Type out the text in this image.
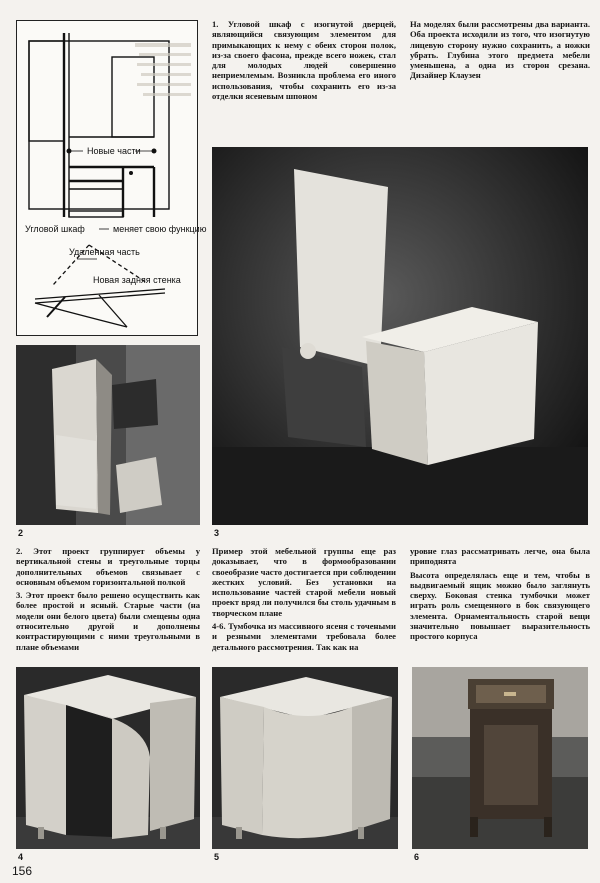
Новые части
Угловой шкаф	меняет свою функцию
Удаленная часть
Новая задняя стенка

1. Угловой шкаф с изогнутой дверцей, являющийся связующим элементом для примыкающих к нему с обеих сторон полок, из-за своего фасона, прежде всего ножек, стал для молодых людей совершенно неприемлемым. Возникла проблема его иного использования, чтобы сохранить его из-за отделки ясеневым шпоном

На моделях были рассмотрены два варианта. Оба проекта исходили из того, что изогнутую лицевую сторону нужно сохранить, а ножки убрать. Глубина этого предмета мебели уменьшена, а одна из сторон срезана. Дизайнер Клаузен

3
2

2. Этот проект группирует объемы у вертикальной стены и треугольные торцы дополнительных объемов связывает с основным объемом горизонтальной полкой

3. Этот проект было решено осуществить как более простой и ясный. Старые части (на модели они белого цвета) были смещены одна относительно другой и дополнены контрастирующими с ними треугольными в плане объемами

Пример этой мебельной группы еще раз доказывает, что в формообразовании своеобразие часто достигается при соблюдении жестких условий. Без установки на использование частей старой мебели новый проект вряд ли получился бы столь удачным в творческом плане

4-6. Тумбочка из массивного ясеня с точеными и резными элементами требовала более детального рассмотрения. Так как на

уровне глаз рассматривать легче, она была приподнята

Высота определялась еще и тем, чтобы в выдвигаемый ящик можно было заглянуть сверху. Боковая стенка тумбочки может играть роль смещенного в бок связующего элемента. Орнаментальность старой вещи значительно повышает выразительность простого корпуса

4	5	6
156
